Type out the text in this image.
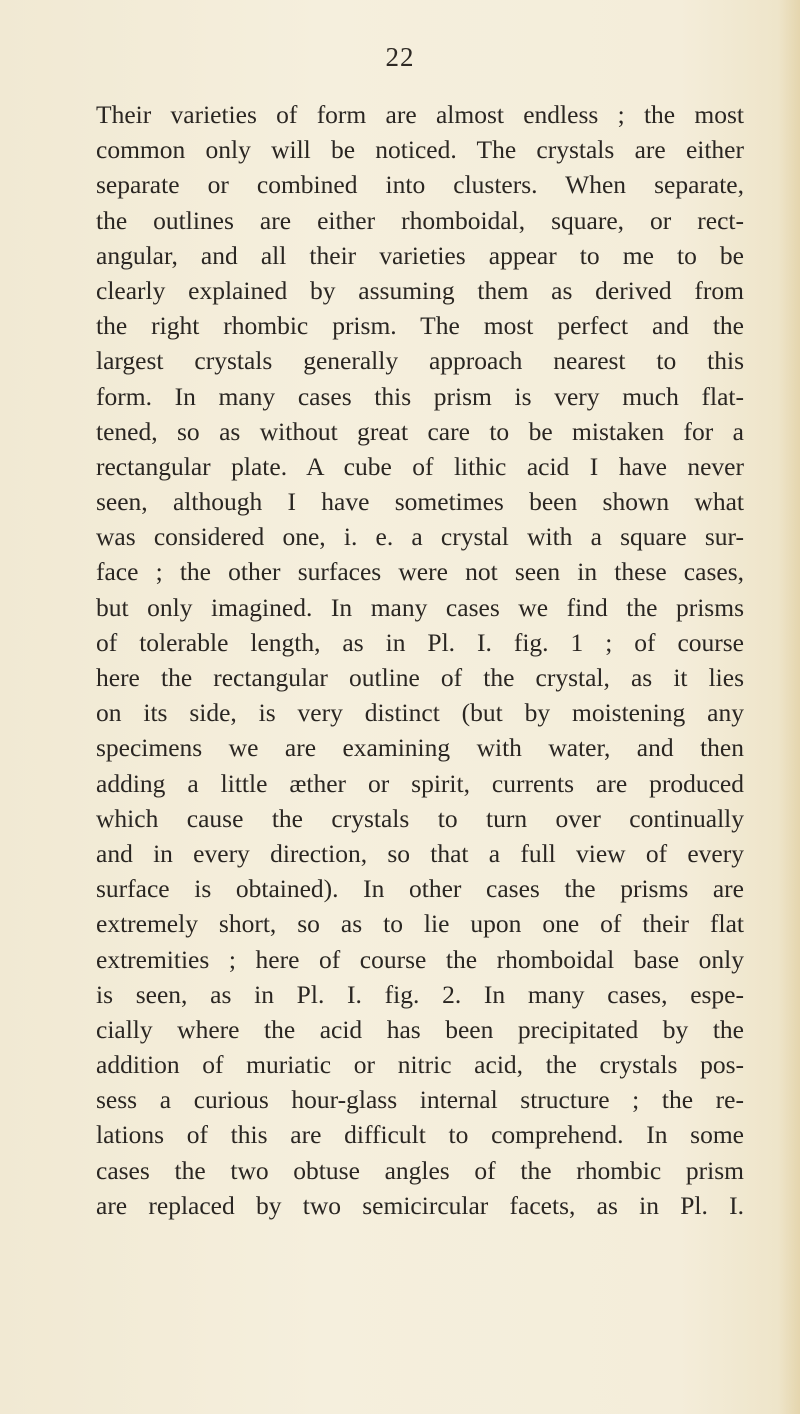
22
Their varieties of form are almost endless ; the most
common only will be noticed. The crystals are either
separate or combined into clusters. When separate,
the outlines are either rhomboidal, square, or rect-
angular, and all their varieties appear to me to be
clearly explained by assuming them as derived from
the right rhombic prism. The most perfect and the
largest crystals generally approach nearest to this
form. In many cases this prism is very much flat-
tened, so as without great care to be mistaken for a
rectangular plate. A cube of lithic acid I have never
seen, although I have sometimes been shown what
was considered one, i. e. a crystal with a square sur-
face ; the other surfaces were not seen in these cases,
but only imagined. In many cases we find the prisms
of tolerable length, as in Pl. I. fig. 1 ; of course
here the rectangular outline of the crystal, as it lies
on its side, is very distinct (but by moistening any
specimens we are examining with water, and then
adding a little æther or spirit, currents are produced
which cause the crystals to turn over continually
and in every direction, so that a full view of every
surface is obtained). In other cases the prisms are
extremely short, so as to lie upon one of their flat
extremities ; here of course the rhomboidal base only
is seen, as in Pl. I. fig. 2. In many cases, espe-
cially where the acid has been precipitated by the
addition of muriatic or nitric acid, the crystals pos-
sess a curious hour-glass internal structure ; the re-
lations of this are difficult to comprehend. In some
cases the two obtuse angles of the rhombic prism
are replaced by two semicircular facets, as in Pl. I.
